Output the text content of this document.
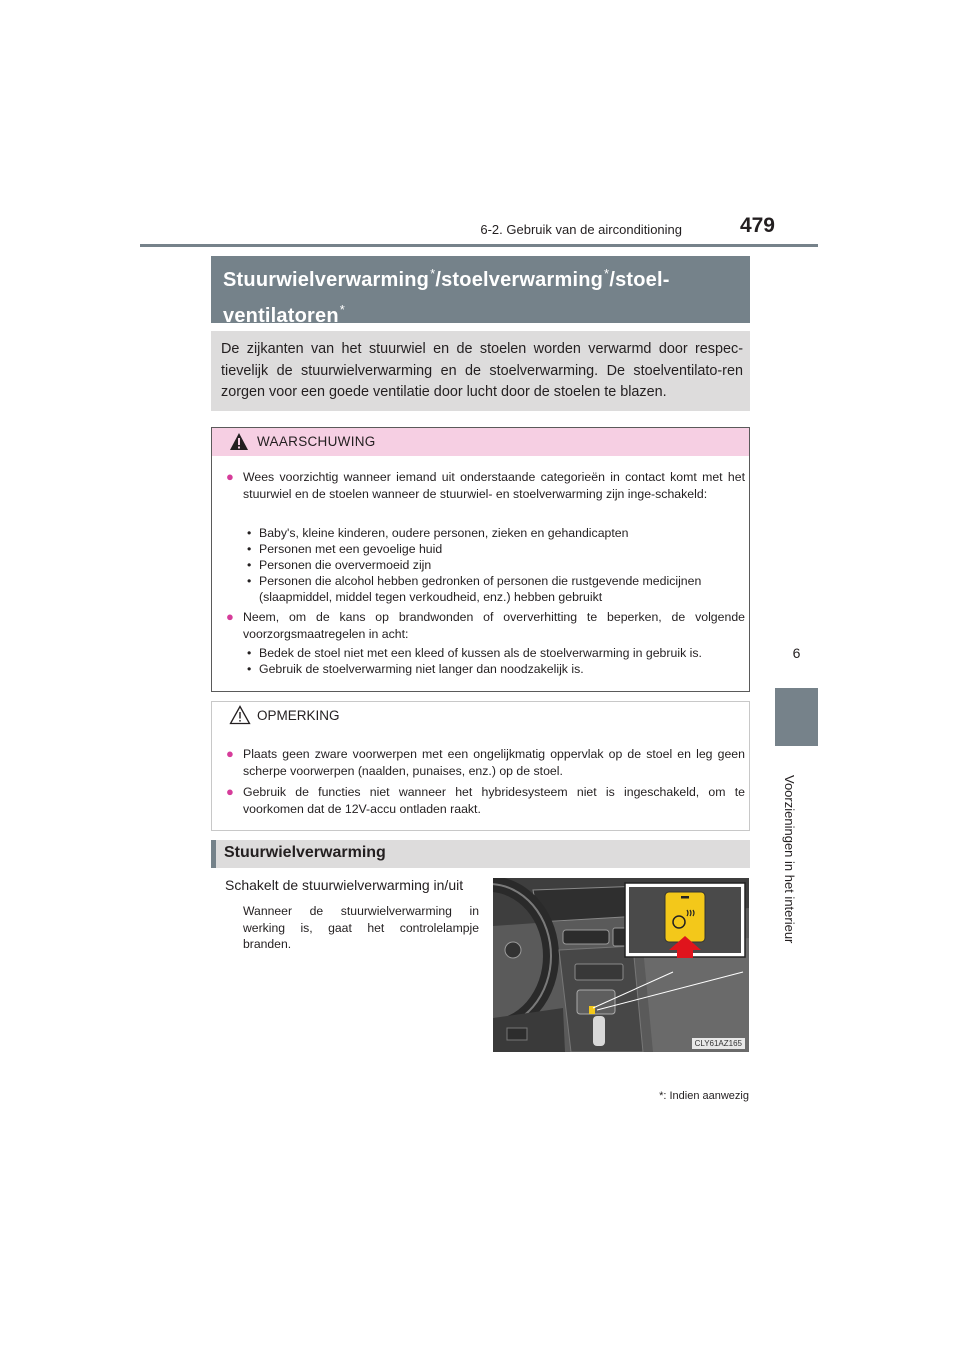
6-2. Gebruik van de airconditioning	479
6
Voorzieningen in het interieur
Stuurwielverwarming*/stoelverwarming*/stoel-
ventilatoren*
De zijkanten van het stuurwiel en de stoelen worden verwarmd door respec-tievelijk de stuurwielverwarming en de stoelverwarming. De stoelventilato-ren zorgen voor een goede ventilatie door lucht door de stoelen te blazen.
WAARSCHUWING
● Wees voorzichtig wanneer iemand uit onderstaande categorieën in contact komt met het stuurwiel en de stoelen wanneer de stuurwiel- en stoelverwarming zijn inge-schakeld:
• Baby's, kleine kinderen, oudere personen, zieken en gehandicapten
• Personen met een gevoelige huid
• Personen die oververmoeid zijn
• Personen die alcohol hebben gedronken of personen die rustgevende medicijnen (slaapmiddel, middel tegen verkoudheid, enz.) hebben gebruikt
● Neem, om de kans op brandwonden of oververhitting te beperken, de volgende voorzorgsmaatregelen in acht:
• Bedek de stoel niet met een kleed of kussen als de stoelverwarming in gebruik is.
• Gebruik de stoelverwarming niet langer dan noodzakelijk is.
OPMERKING
● Plaats geen zware voorwerpen met een ongelijkmatig oppervlak op de stoel en leg geen scherpe voorwerpen (naalden, punaises, enz.) op de stoel.
● Gebruik de functies niet wanneer het hybridesysteem niet is ingeschakeld, om te voorkomen dat de 12V-accu ontladen raakt.
Stuurwielverwarming
Schakelt de stuurwielverwarming in/uit
Wanneer de stuurwielverwarming in werking is, gaat het controlelampje branden.
CLY61AZ165
*: Indien aanwezig
